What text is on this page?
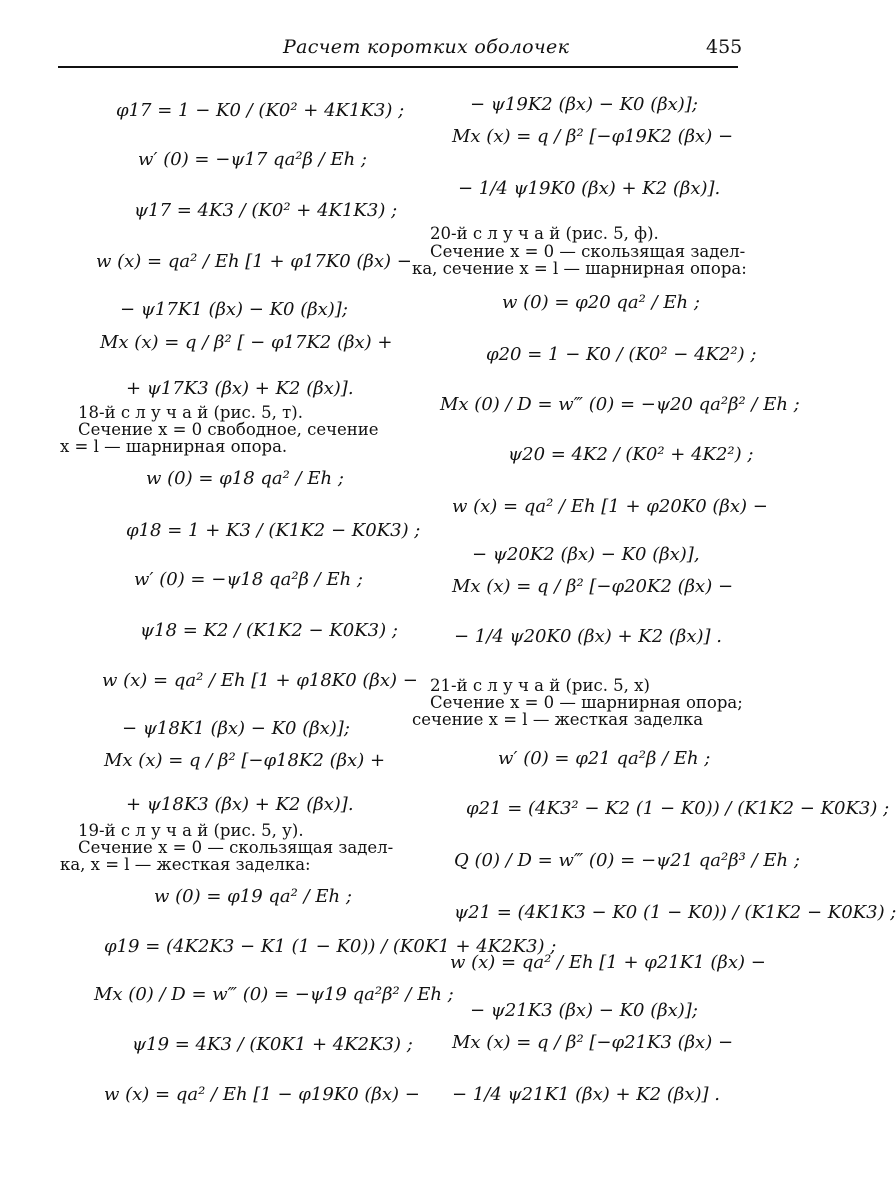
Расчет коротких оболочек	455
φ17 = 1 − K0 / (K0² + 4K1K3) ;
w′ (0) = −ψ17 qa²β / Eh ;
ψ17 = 4K3 / (K0² + 4K1K3) ;
w (x) = qa² / Eh [1 + φ17K0 (βx) −
− ψ17K1 (βx) − K0 (βx)];
Mx (x) = q / β² [ − φ17K2 (βx) +
+ ψ17K3 (βx) + K2 (βx)].
18-й с л у ч а й (рис. 5, т).
Сечение x = 0 свободное, сечение
x = l — шарнирная опора.
w (0) = φ18 qa² / Eh ;
φ18 = 1 + K3 / (K1K2 − K0K3) ;
w′ (0) = −ψ18 qa²β / Eh ;
ψ18 = K2 / (K1K2 − K0K3) ;
w (x) = qa² / Eh [1 + φ18K0 (βx) −
− ψ18K1 (βx) − K0 (βx)];
Mx (x) = q / β² [−φ18K2 (βx) +
+ ψ18K3 (βx) + K2 (βx)].
19-й с л у ч а й (рис. 5, у).
Сечение x = 0 — скользящая задел-
ка, x = l — жесткая заделка:
w (0) = φ19 qa² / Eh ;
φ19 = (4K2K3 − K1 (1 − K0)) / (K0K1 + 4K2K3) ;
Mx (0) / D = w‴ (0) = −ψ19 qa²β² / Eh ;
ψ19 = 4K3 / (K0K1 + 4K2K3) ;
w (x) = qa² / Eh [1 − φ19K0 (βx) −
− ψ19K2 (βx) − K0 (βx)];
Mx (x) = q / β² [−φ19K2 (βx) −
− 1/4 ψ19K0 (βx) + K2 (βx)].
20-й с л у ч а й (рис. 5, ф).
Сечение x = 0 — скользящая задел-
ка, сечение x = l — шарнирная опора:
w (0) = φ20 qa² / Eh ;
φ20 = 1 − K0 / (K0² − 4K2²) ;
Mx (0) / D = w‴ (0) = −ψ20 qa²β² / Eh ;
ψ20 = 4K2 / (K0² + 4K2²) ;
w (x) = qa² / Eh [1 + φ20K0 (βx) −
− ψ20K2 (βx) − K0 (βx)],
Mx (x) = q / β² [−φ20K2 (βx) −
− 1/4 ψ20K0 (βx) + K2 (βx)] .
21-й с л у ч а й (рис. 5, х)
Сечение x = 0 — шарнирная опора;
сечение x = l — жесткая заделка
w′ (0) = φ21 qa²β / Eh ;
φ21 = (4K3² − K2 (1 − K0)) / (K1K2 − K0K3) ;
Q (0) / D = w‴ (0) = −ψ21 qa²β³ / Eh ;
ψ21 = (4K1K3 − K0 (1 − K0)) / (K1K2 − K0K3) ;
w (x) = qa² / Eh [1 + φ21K1 (βx) −
− ψ21K3 (βx) − K0 (βx)];
Mx (x) = q / β² [−φ21K3 (βx) −
− 1/4 ψ21K1 (βx) + K2 (βx)] .
